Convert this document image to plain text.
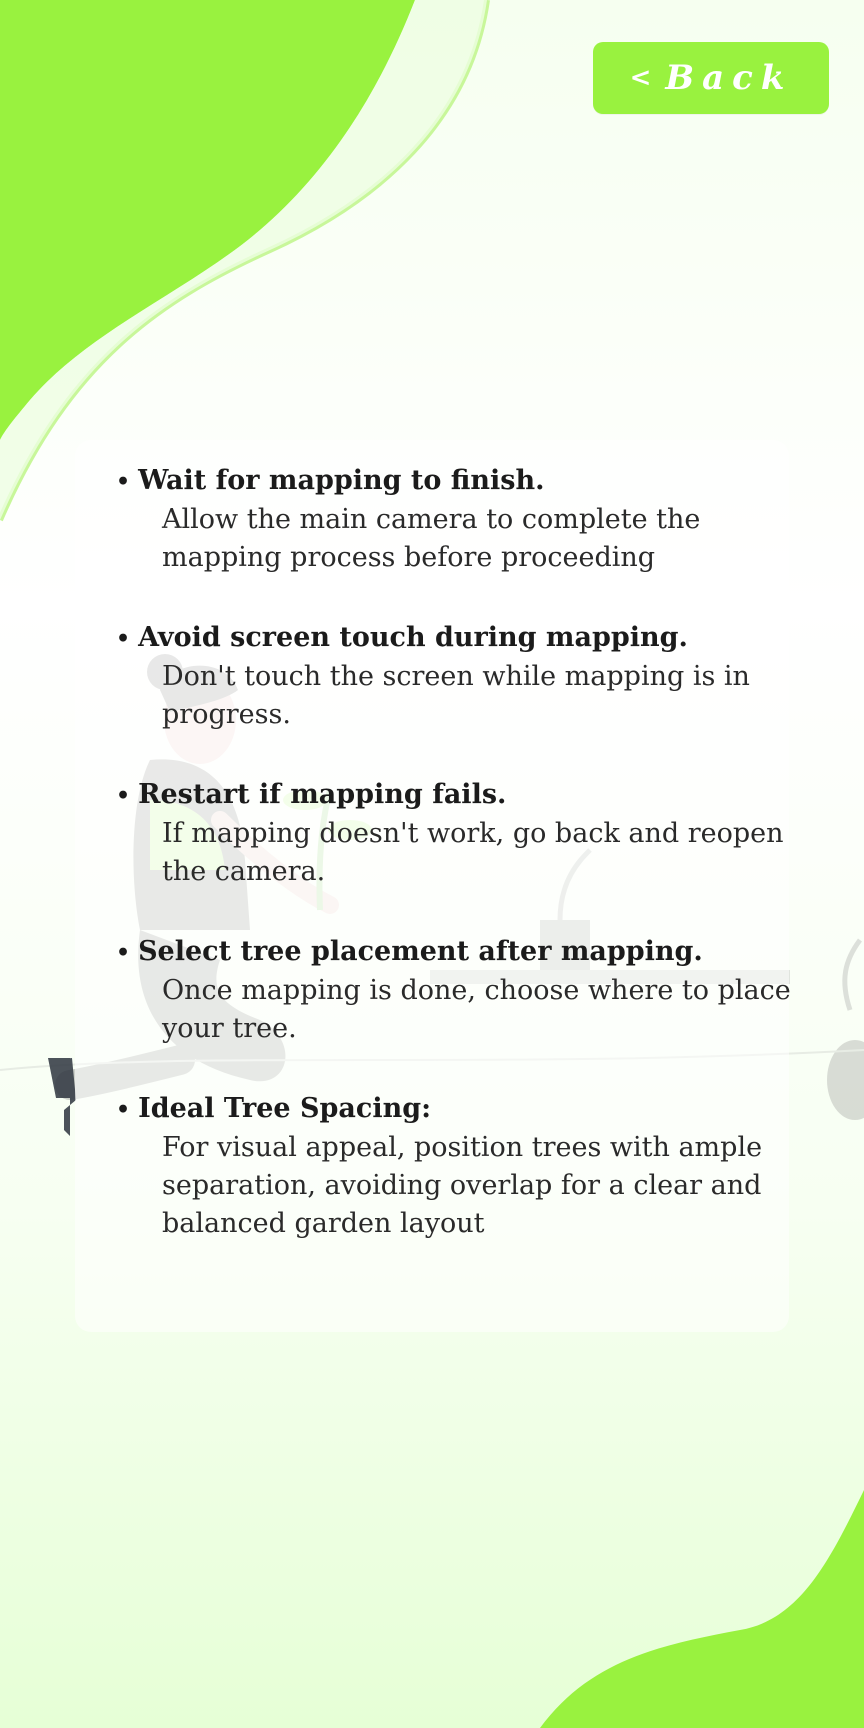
< Back
• Wait for mapping to finish.
Allow the main camera to complete the mapping process before proceeding
• Avoid screen touch during mapping.
Don't touch the screen while mapping is in progress.
• Restart if mapping fails.
If mapping doesn't work, go back and reopen the camera.
• Select tree placement after mapping.
Once mapping is done, choose where to place your tree.
• Ideal Tree Spacing:
For visual appeal, position trees with ample separation, avoiding overlap for a clear and balanced garden layout
